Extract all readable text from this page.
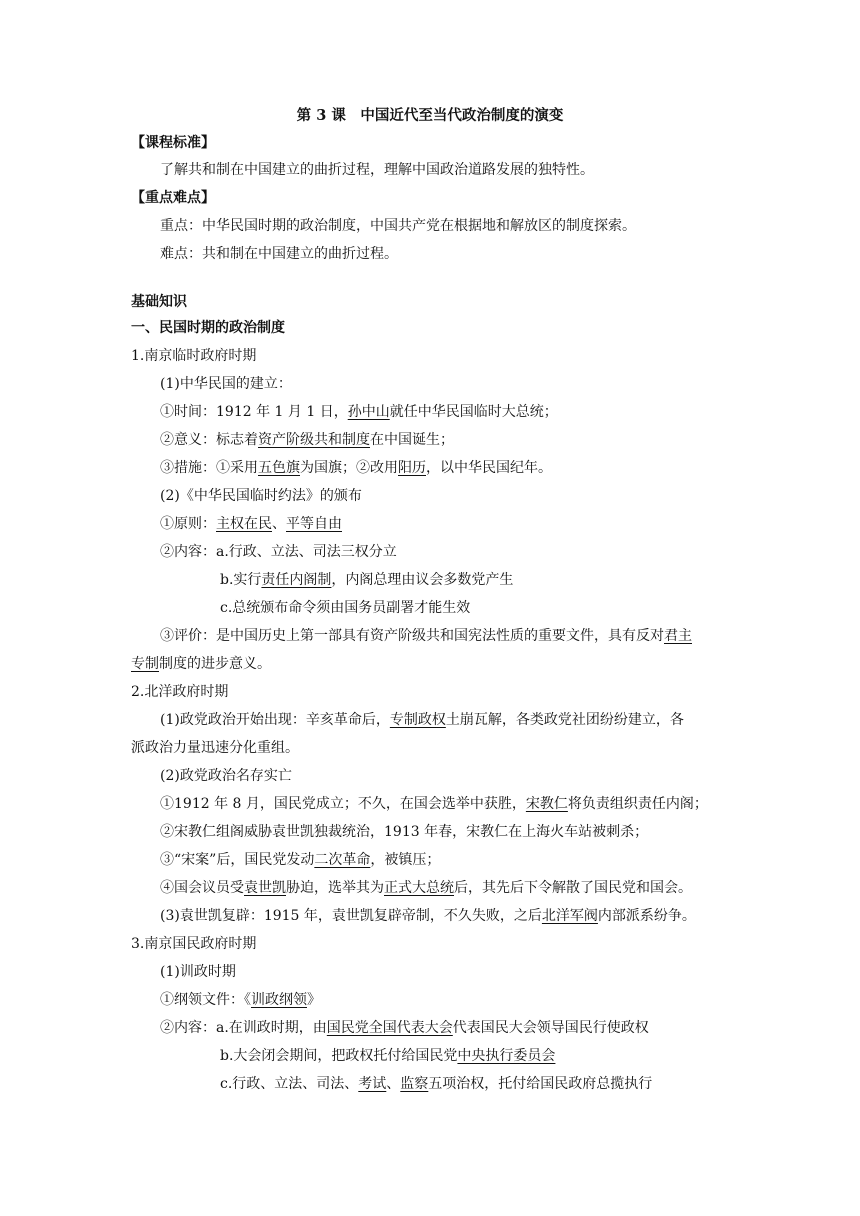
第 3 课　中国近代至当代政治制度的演变
【课程标准】
了解共和制在中国建立的曲折过程，理解中国政治道路发展的独特性。
【重点难点】
重点：中华民国时期的政治制度，中国共产党在根据地和解放区的制度探索。
难点：共和制在中国建立的曲折过程。
基础知识
一、民国时期的政治制度
1.南京临时政府时期
(1)中华民国的建立：
①时间：1912 年 1 月 1 日，孙中山就任中华民国临时大总统；
②意义：标志着资产阶级共和制度在中国诞生；
③措施：①采用五色旗为国旗；②改用阳历，以中华民国纪年。
(2)《中华民国临时约法》的颁布
①原则：主权在民、平等自由
②内容：a.行政、立法、司法三权分立
b.实行责任内阁制，内阁总理由议会多数党产生
c.总统颁布命令须由国务员副署才能生效
③评价：是中国历史上第一部具有资产阶级共和国宪法性质的重要文件，具有反对君主
专制制度的进步意义。
2.北洋政府时期
(1)政党政治开始出现：辛亥革命后，专制政权土崩瓦解，各类政党社团纷纷建立，各
派政治力量迅速分化重组。
(2)政党政治名存实亡
①1912 年 8 月，国民党成立；不久，在国会选举中获胜，宋教仁将负责组织责任内阁；
②宋教仁组阁威胁袁世凯独裁统治，1913 年春，宋教仁在上海火车站被刺杀；
③“宋案”后，国民党发动二次革命，被镇压；
④国会议员受袁世凯胁迫，选举其为正式大总统后，其先后下令解散了国民党和国会。
(3)袁世凯复辟：1915 年，袁世凯复辟帝制，不久失败，之后北洋军阀内部派系纷争。
3.南京国民政府时期
(1)训政时期
①纲领文件：《训政纲领》
②内容：a.在训政时期，由国民党全国代表大会代表国民大会领导国民行使政权
b.大会闭会期间，把政权托付给国民党中央执行委员会
c.行政、立法、司法、考试、监察五项治权，托付给国民政府总揽执行
